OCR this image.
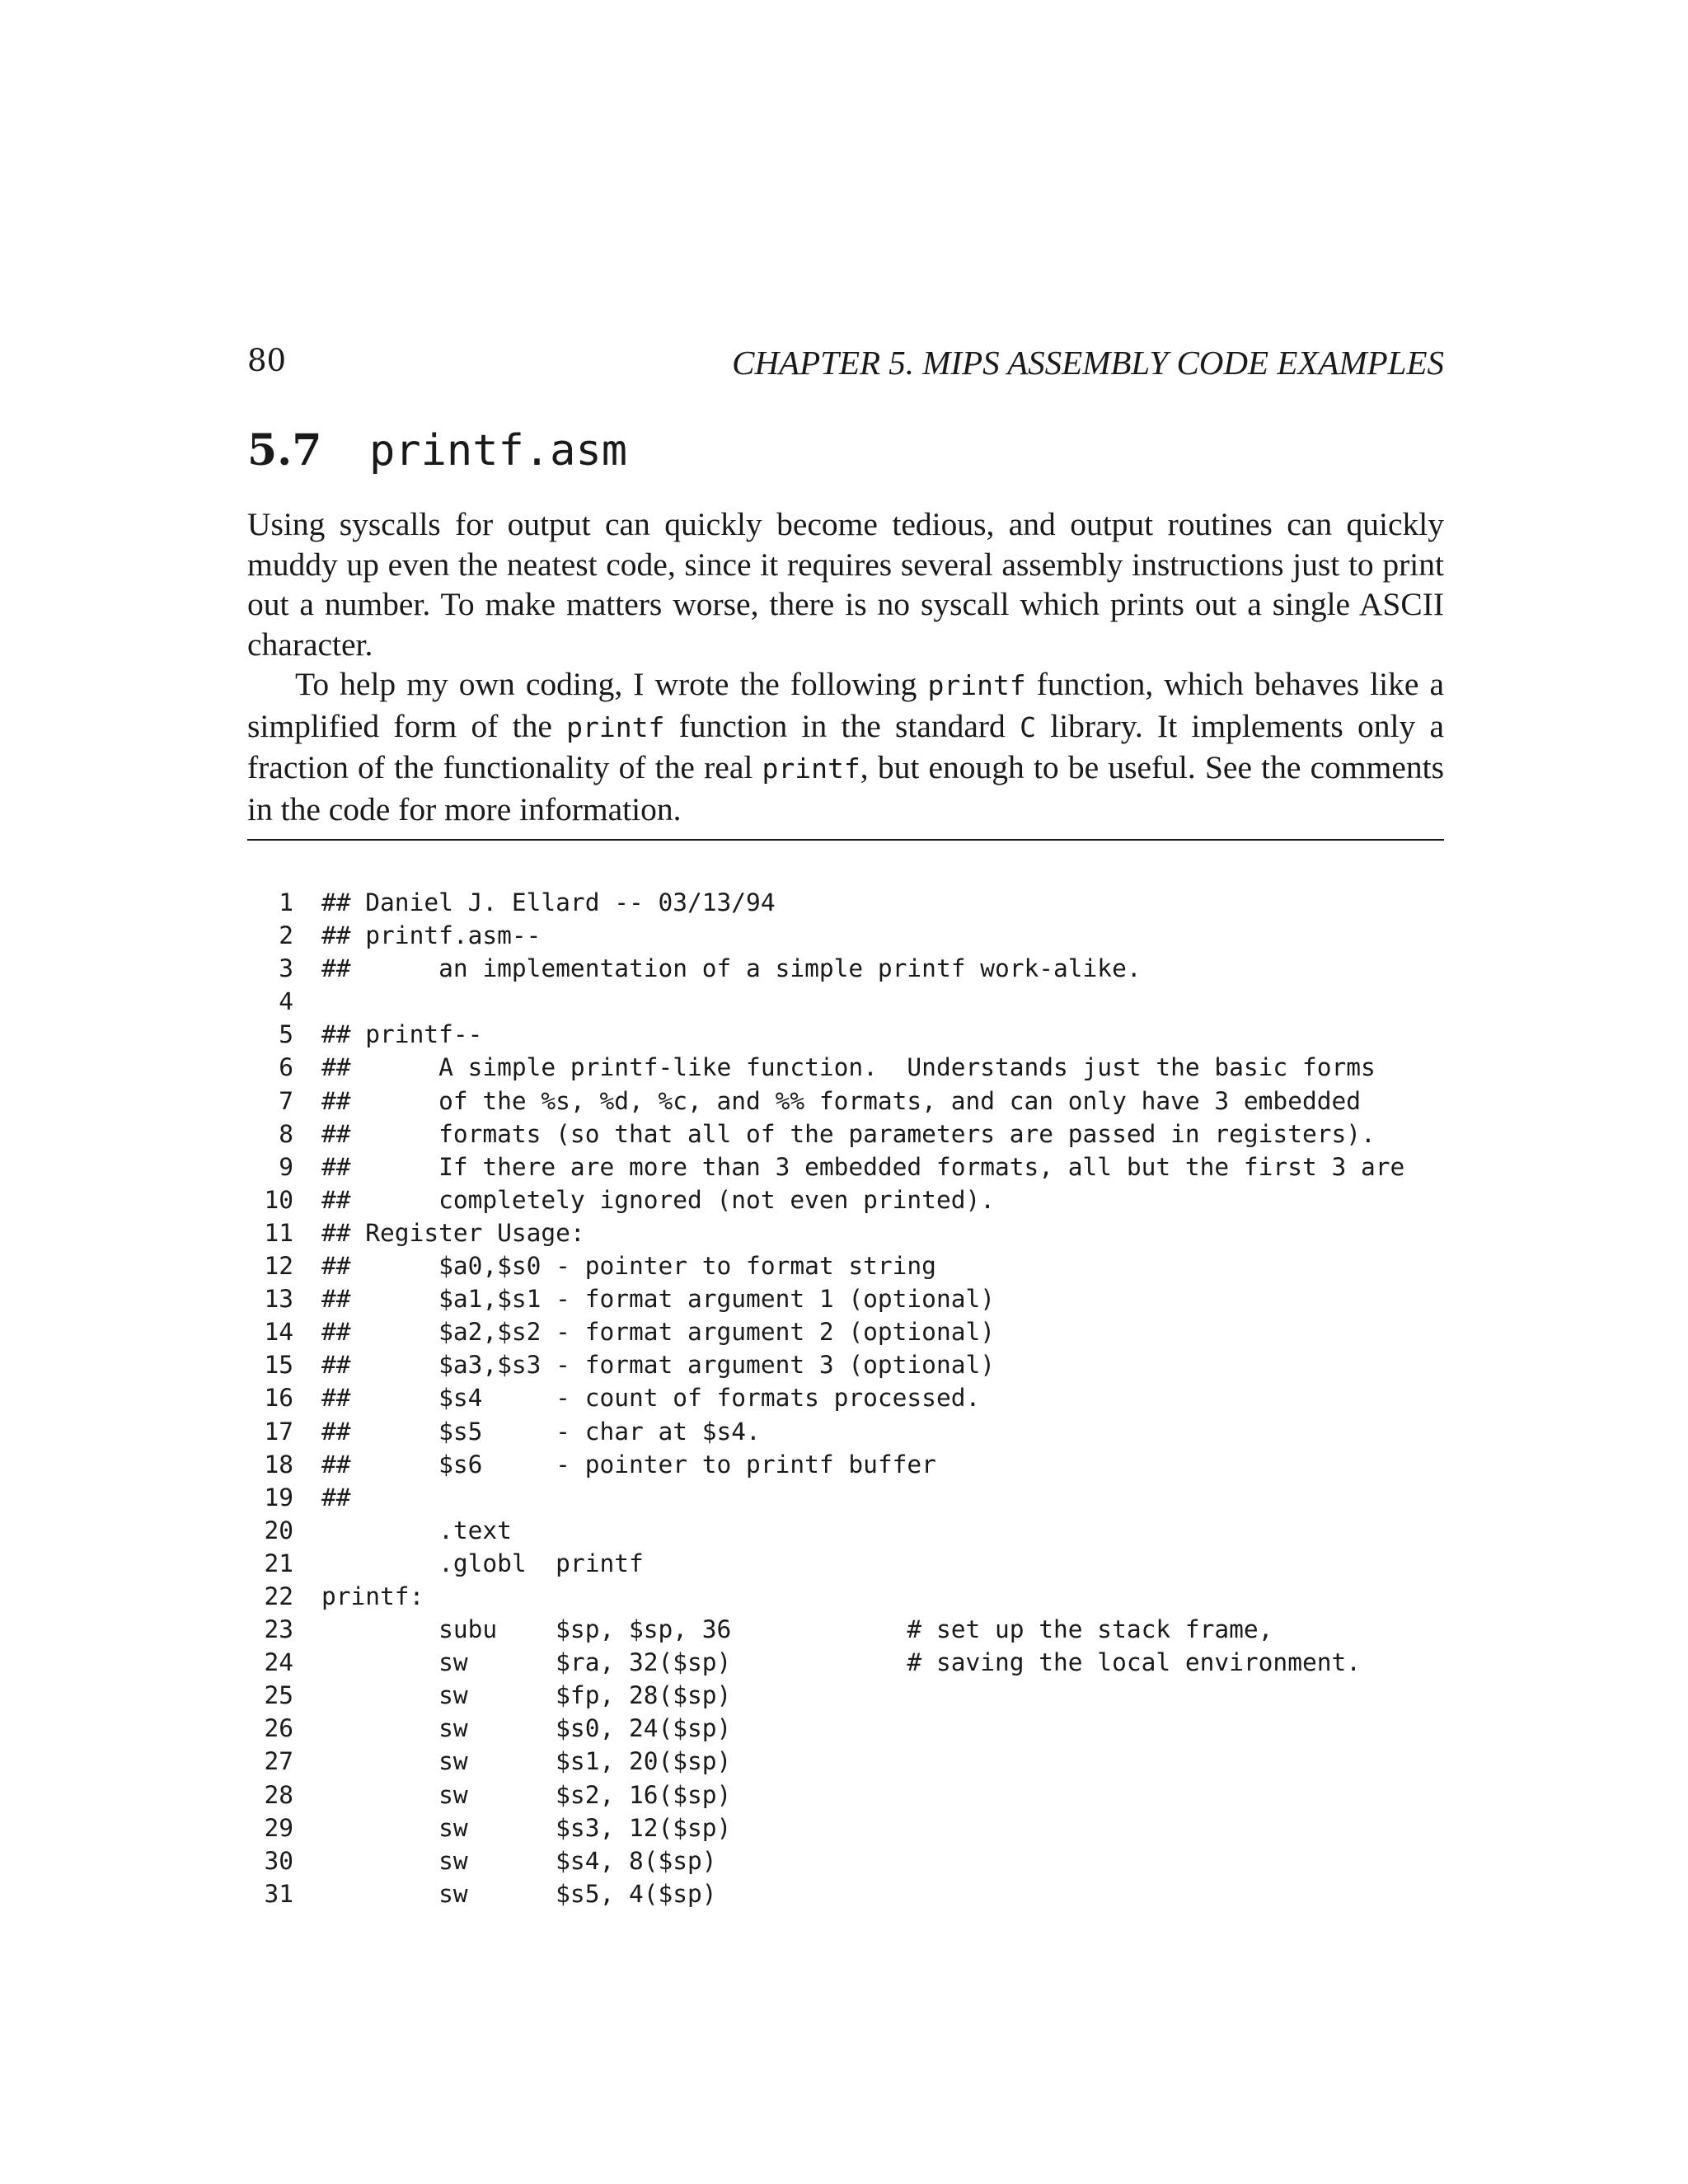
80	CHAPTER 5. MIPS ASSEMBLY CODE EXAMPLES
5.7 printf.asm

Using syscalls for output can quickly become tedious, and output routines can quickly muddy up even the neatest code, since it requires several assembly instructions just to print out a number. To make matters worse, there is no syscall which prints out a single ASCII character.

To help my own coding, I wrote the following printf function, which behaves like a simplified form of the printf function in the standard C library. It implements only a fraction of the functionality of the real printf, but enough to be useful. See the comments in the code for more information.

1 ## Daniel J. Ellard -- 03/13/94
2 ## printf.asm--
3 ##      an implementation of a simple printf work-alike.
4
5 ## printf--
6 ##      A simple printf-like function.  Understands just the basic forms
7 ##      of the %s, %d, %c, and %% formats, and can only have 3 embedded
8 ##      formats (so that all of the parameters are passed in registers).
9 ##      If there are more than 3 embedded formats, all but the first 3 are
10 ##      completely ignored (not even printed).
11 ## Register Usage:
12 ##      $a0,$s0 - pointer to format string
13 ##      $a1,$s1 - format argument 1 (optional)
14 ##      $a2,$s2 - format argument 2 (optional)
15 ##      $a3,$s3 - format argument 3 (optional)
16 ##      $s4     - count of formats processed.
17 ##      $s5     - char at $s4.
18 ##      $s6     - pointer to printf buffer
19 ##
20 .text
21 .globl  printf
22 printf:
23 subu    $sp, $sp, 36            # set up the stack frame,
24 sw      $ra, 32($sp)            # saving the local environment.
25 sw      $fp, 28($sp)
26 sw      $s0, 24($sp)
27 sw      $s1, 20($sp)
28 sw      $s2, 16($sp)
29 sw      $s3, 12($sp)
30 sw      $s4, 8($sp)
31 sw      $s5, 4($sp)
